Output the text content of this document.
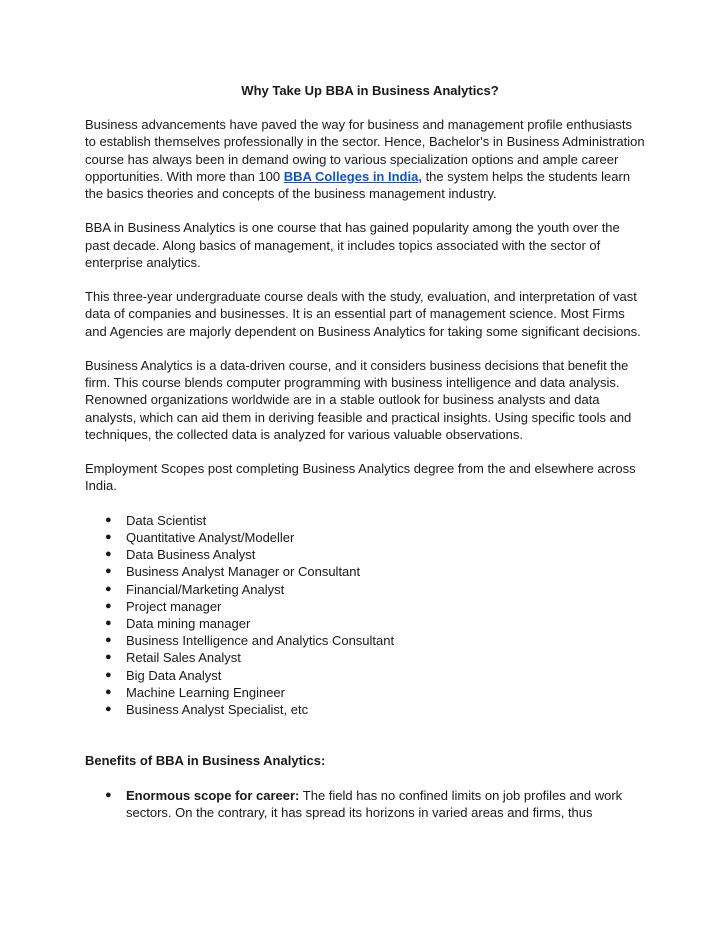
Why Take Up BBA in Business Analytics?

Business advancements have paved the way for business and management profile enthusiasts to establish themselves professionally in the sector. Hence, Bachelor's in Business Administration course has always been in demand owing to various specialization options and ample career opportunities. With more than 100 BBA Colleges in India, the system helps the students learn the basics theories and concepts of the business management industry.

BBA in Business Analytics is one course that has gained popularity among the youth over the past decade. Along basics of management, it includes topics associated with the sector of enterprise analytics.

This three-year undergraduate course deals with the study, evaluation, and interpretation of vast data of companies and businesses. It is an essential part of management science. Most Firms and Agencies are majorly dependent on Business Analytics for taking some significant decisions.

Business Analytics is a data-driven course, and it considers business decisions that benefit the firm. This course blends computer programming with business intelligence and data analysis. Renowned organizations worldwide are in a stable outlook for business analysts and data analysts, which can aid them in deriving feasible and practical insights. Using specific tools and techniques, the collected data is analyzed for various valuable observations.

Employment Scopes post completing Business Analytics degree from the and elsewhere across India.

● Data Scientist
● Quantitative Analyst/Modeller
● Data Business Analyst
● Business Analyst Manager or Consultant
● Financial/Marketing Analyst
● Project manager
● Data mining manager
● Business Intelligence and Analytics Consultant
● Retail Sales Analyst
● Big Data Analyst
● Machine Learning Engineer
● Business Analyst Specialist, etc
Benefits of BBA in Business Analytics:
● Enormous scope for career: The field has no confined limits on job profiles and work sectors. On the contrary, it has spread its horizons in varied areas and firms, thus
